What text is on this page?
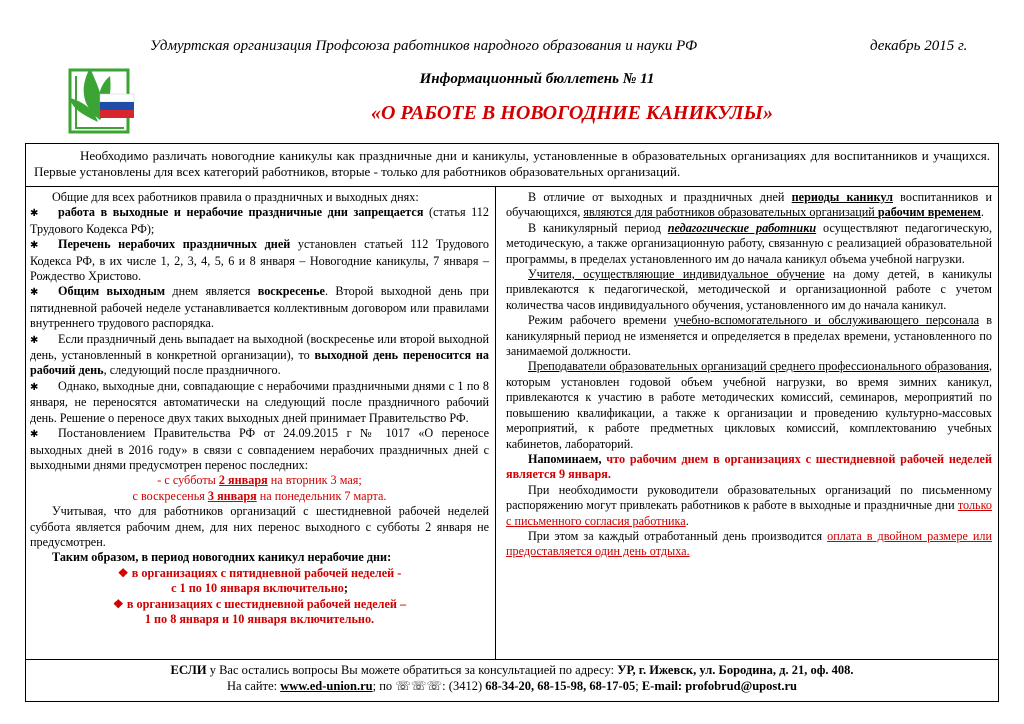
Удмуртская организация Профсоюза работников народного образования и науки РФ	декабрь 2015 г.
Информационный бюллетень № 11
«О РАБОТЕ В НОВОГОДНИЕ КАНИКУЛЫ»
Необходимо различать новогодние каникулы как праздничные дни и каникулы, установленные в образовательных организациях для воспитанников и учащихся. Первые установлены для всех категорий работников, вторые - только для работников образовательных организаций.

Общие для всех работников правила о праздничных и выходных днях:

✱ работа в выходные и нерабочие праздничные дни запрещается (статья 112 Трудового Кодекса РФ);

✱ Перечень нерабочих праздничных дней установлен статьей 112 Трудового Кодекса РФ, в их числе 1, 2, 3, 4, 5, 6 и 8 января – Новогодние каникулы, 7 января – Рождество Христово.

✱ Общим выходным днем является воскресенье. Второй выходной день при пятидневной рабочей неделе устанавливается коллективным договором или правилами внутреннего трудового распорядка.

✱ Если праздничный день выпадает на выходной (воскресенье или второй выходной день, установленный в конкретной организации), то выходной день переносится на рабочий день, следующий после праздничного.

✱ Однако, выходные дни, совпадающие с нерабочими праздничными днями с 1 по 8 января, не переносятся автоматически на следующий после праздничного рабочий день. Решение о переносе двух таких выходных дней принимает Правительство РФ.

✱ Постановлением Правительства РФ от 24.09.2015 г № 1017 «О переносе выходных дней в 2016 году» в связи с совпадением нерабочих праздничных дней с выходными днями предусмотрен перенос последних:

- с субботы 2 января на вторник 3 мая;

с воскресенья 3 января на понедельник 7 марта.

Учитывая, что для работников организаций с шестидневной рабочей неделей суббота является рабочим днем, для них перенос выходного с субботы 2 января не предусмотрен.

Таким образом, в период новогодних каникул нерабочие дни:

❖ в организациях с пятидневной рабочей неделей -

с 1 по 10 января включительно;

❖ в организациях с шестидневной рабочей неделей –

1 по 8 января и 10 января включительно.

В отличие от выходных и праздничных дней периоды каникул воспитанников и обучающихся, являются для работников образовательных организаций рабочим временем.

В каникулярный период педагогические работники осуществляют педагогическую, методическую, а также организационную работу, связанную с реализацией образовательной программы, в пределах установленного им до начала каникул объема учебной нагрузки.

Учителя, осуществляющие индивидуальное обучение на дому детей, в каникулы привлекаются к педагогической, методической и организационной работе с учетом количества часов индивидуального обучения, установленного им до начала каникул.

Режим рабочего времени учебно-вспомогательного и обслуживающего персонала в каникулярный период не изменяется и определяется в пределах времени, установленного по занимаемой должности.

Преподаватели образовательных организаций среднего профессионального образования, которым установлен годовой объем учебной нагрузки, во время зимних каникул, привлекаются к участию в работе методических комиссий, семинаров, мероприятий по повышению квалификации, а также к организации и проведению культурно-массовых мероприятий, к работе предметных цикловых комиссий, комплектованию учебных кабинетов, лабораторий.

Напоминаем, что рабочим днем в организациях с шестидневной рабочей неделей является 9 января.

При необходимости руководители образовательных организаций по письменному распоряжению могут привлекать работников к работе в выходные и праздничные дни только с письменного согласия работника.

При этом за каждый отработанный день производится оплата в двойном размере или предоставляется один день отдыха.

ЕСЛИ у Вас остались вопросы Вы можете обратиться за консультацией по адресу: УР, г. Ижевск, ул. Бородина, д. 21, оф. 408.
На сайте: www.ed-union.ru; по ☏☏☏: (3412) 68-34-20, 68-15-98, 68-17-05; E-mail: profobrud@upost.ru
